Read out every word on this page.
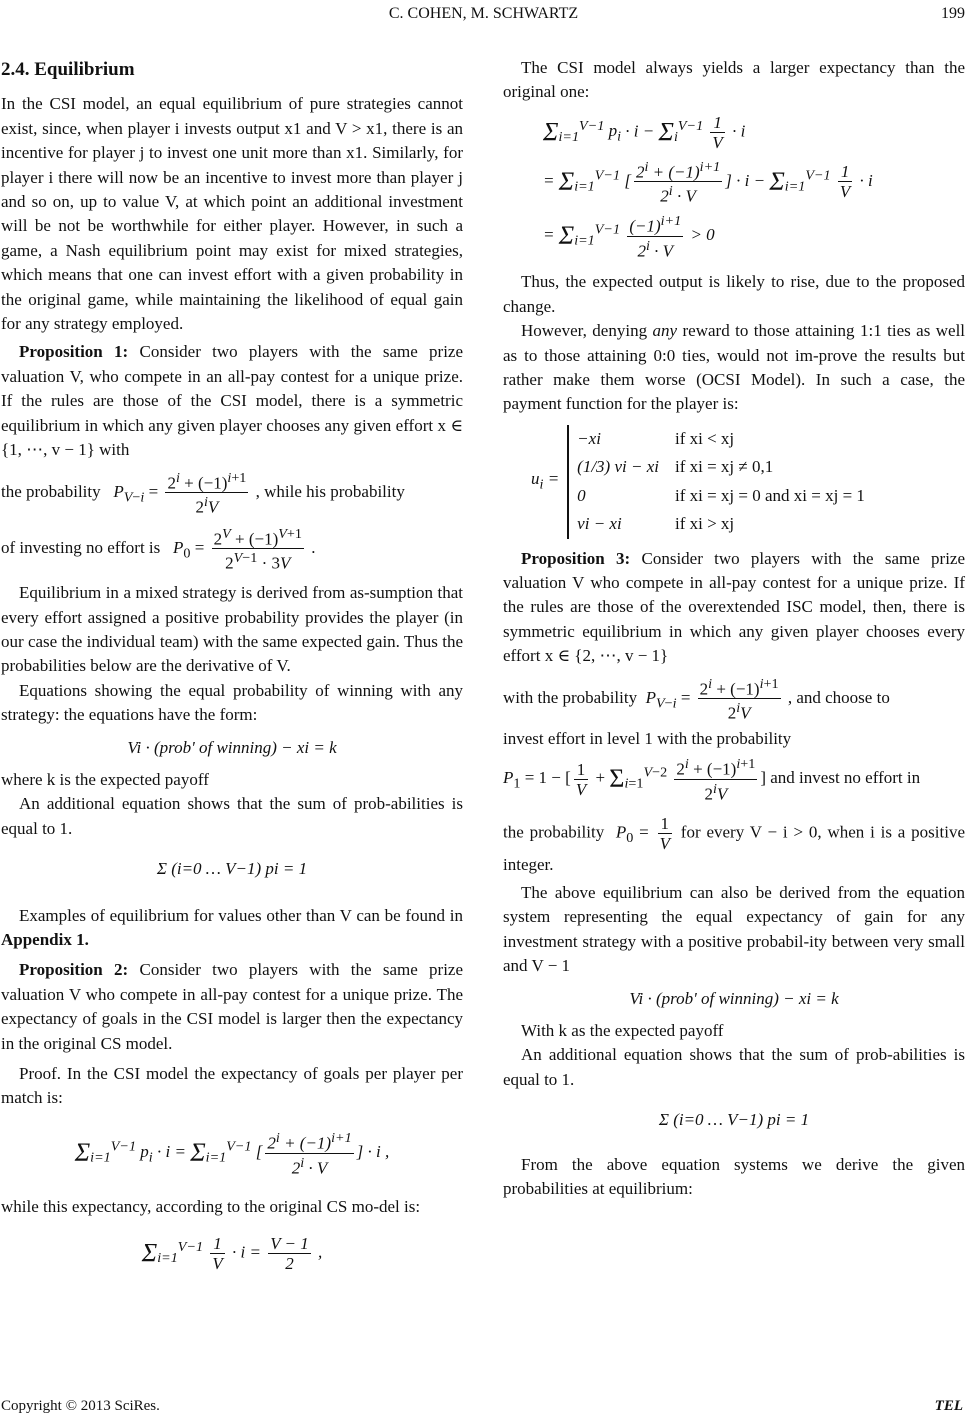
C. COHEN, M. SCHWARTZ	199
2.4. Equilibrium

In the CSI model, an equal equilibrium of pure strategies cannot exist, since, when player i invests output x1 and V > x1, there is an incentive for player j to invest one unit more than x1. Similarly, for player i there will now be an incentive to invest more than player j and so on, up to value V, at which point an additional investment will be not be worthwhile for either player. However, in such a game, a Nash equilibrium point may exist for mixed strategies, which means that one can invest effort with a given probability in the original game, while maintaining the likelihood of equal gain for any strategy employed.

Proposition 1: Consider two players with the same prize valuation V, who compete in an all-pay contest for a unique prize. If the rules are those of the CSI model, there is a symmetric equilibrium in which any given player chooses any given effort x ∈ {1, ⋯, v − 1} with

the probability $P_{V-i} = \frac{2^i + (-1)^{i+1}}{2^iV}$ , while his probability

of investing no effort is $P_0 = \frac{2^V + (-1)^{V+1}}{2^{V-1} \cdot 3V}$ .

Equilibrium in a mixed strategy is derived from as-sumption that every effort assigned a positive probability provides the player (in our case the individual team) with the same expected gain. Thus the probabilities below are the derivative of V.

Equations showing the equal probability of winning with any strategy: the equations have the form:

Vi · (prob' of winning) − xi = k

where k is the expected payoff

An additional equation shows that the sum of prob-abilities is equal to 1.

Σ (i=0 … V−1) pi = 1

Examples of equilibrium for values other than V can be found in Appendix 1.

Proposition 2: Consider two players with the same prize valuation V who compete in all-pay contest for a unique prize. The expectancy of goals in the CSI model is larger then the expectancy in the original CS model.

Proof. In the CSI model the expectancy of goals per player per match is:

$\Sigma_{i=1}^{V-1}$ $p_i \cdot i = \Sigma_{i=1}^{V-1}$ [ $\frac{2^i + (-1)^{i+1}}{2^i \cdot V}$ ] · i ,

while this expectancy, according to the original CS mo-del is:

$\Sigma_{i=1}^{V-1} \frac{1}{V} \cdot i = \frac{V - 1}{2}$ ,

The CSI model always yields a larger expectancy than the original one:

$\Sigma_{i=1}^{V-1}$ $p_i \cdot i - \Sigma_i^{V-1} \frac{1}{V} \cdot i$
= $\Sigma_{i=1}^{V-1}$ [ $\frac{2^i + (-1)^{i+1}}{2^i \cdot V}$ ] · $i - \Sigma_{i=1}^{V-1} \frac{1}{V} \cdot i$
= $\Sigma_{i=1}^{V-1} \frac{(-1)^{i+1}}{2^i \cdot V} > 0$

Thus, the expected output is likely to rise, due to the proposed change.

However, denying any reward to those attaining 1:1 ties as well as to those attaining 0:0 ties, would not im-prove the results but rather make them worse (OCSI Model). In such a case, the payment function for the player is:

$u_i$ =	−xi	if xi < xj
	(1/3) vi − xi	if xi = xj ≠ 0,1
	0	if xi = xj = 0 and xi = xj = 1
	vi − xi	if xi > xj

Proposition 3: Consider two players with the same prize valuation V who compete in all-pay contest for a unique prize. If the rules are those of the overextended ISC model, then, there is symmetric equilibrium in which any given player chooses every effort x ∈ {2, ⋯, v − 1}

with the probability $P_{V-i} = \frac{2^i + (-1)^{i+1}}{2^iV}$ , and choose to

invest effort in level 1 with the probability

$P_1 = 1$ − [ $\frac{1}{V} + \Sigma_{i=1}^{V-2} \frac{2^i + (-1)^{i+1}}{2^iV}$ ] and invest no effort in

the probability $P_0 = \frac{1}{V}$ for every V − i > 0, when i is a positive integer.

The above equilibrium can also be derived from the equation system representing the equal expectancy of gain for any investment strategy with a positive probabil-ity between very small and V − 1

Vi · (prob' of winning) − xi = k

With k as the expected payoff

An additional equation shows that the sum of prob-abilities is equal to 1.

Σ (i=0 … V−1) pi = 1

From the above equation systems we derive the given probabilities at equilibrium:

Copyright © 2013 SciRes.	TEL
